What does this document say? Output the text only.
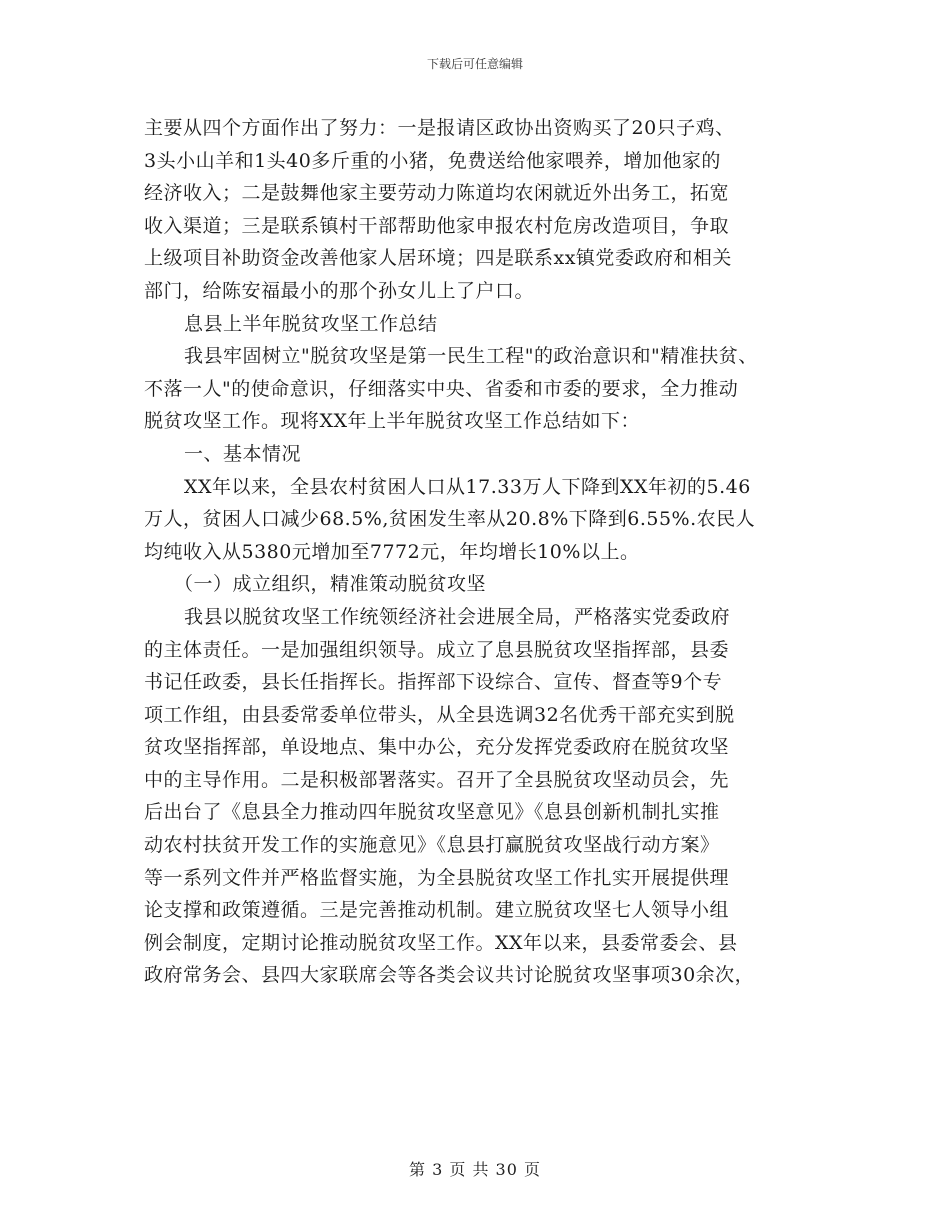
下载后可任意编辑
主要从四个方面作出了努力：一是报请区政协出资购买了20只子鸡、
3头小山羊和1头40多斤重的小猪，免费送给他家喂养，增加他家的
经济收入；二是鼓舞他家主要劳动力陈道均农闲就近外出务工，拓宽
收入渠道；三是联系镇村干部帮助他家申报农村危房改造项目，争取
上级项目补助资金改善他家人居环境；四是联系xx镇党委政府和相关
部门，给陈安福最小的那个孙女儿上了户口。
息县上半年脱贫攻坚工作总结
我县牢固树立"脱贫攻坚是第一民生工程"的政治意识和"精准扶贫、
不落一人"的使命意识，仔细落实中央、省委和市委的要求，全力推动
脱贫攻坚工作。现将XX年上半年脱贫攻坚工作总结如下：
一、基本情况
XX年以来，全县农村贫困人口从17.33万人下降到XX年初的5.46
万人，贫困人口减少68.5%,贫困发生率从20.8%下降到6.55%.农民人
均纯收入从5380元增加至7772元，年均增长10%以上。
（一）成立组织，精准策动脱贫攻坚
我县以脱贫攻坚工作统领经济社会进展全局，严格落实党委政府
的主体责任。一是加强组织领导。成立了息县脱贫攻坚指挥部，县委
书记任政委，县长任指挥长。指挥部下设综合、宣传、督查等9个专
项工作组，由县委常委单位带头，从全县选调32名优秀干部充实到脱
贫攻坚指挥部，单设地点、集中办公，充分发挥党委政府在脱贫攻坚
中的主导作用。二是积极部署落实。召开了全县脱贫攻坚动员会，先
后出台了《息县全力推动四年脱贫攻坚意见》《息县创新机制扎实推
动农村扶贫开发工作的实施意见》《息县打赢脱贫攻坚战行动方案》
等一系列文件并严格监督实施，为全县脱贫攻坚工作扎实开展提供理
论支撑和政策遵循。三是完善推动机制。建立脱贫攻坚七人领导小组
例会制度，定期讨论推动脱贫攻坚工作。XX年以来，县委常委会、县
政府常务会、县四大家联席会等各类会议共讨论脱贫攻坚事项30余次，
第 3 页 共 30 页
